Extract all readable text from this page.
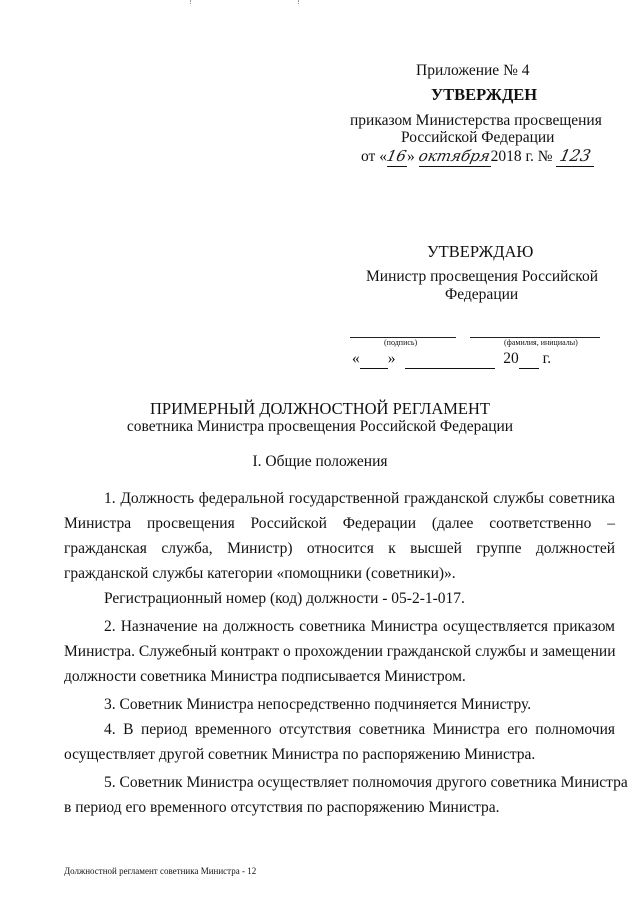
Приложение № 4
УТВЕРЖДЕН
приказом Министерства просвещения
Российской Федерации
от «16» октября2018 г. № 123
УТВЕРЖДАЮ
Министр просвещения Российской
Федерации
(подпись)	(фамилия, инициалы)
« »	20 г.
ПРИМЕРНЫЙ ДОЛЖНОСТНОЙ РЕГЛАМЕНТ
советника Министра просвещения Российской Федерации
I. Общие положения
1. Должность федеральной государственной гражданской службы советника
Министра просвещения Российской Федерации (далее соответственно –
гражданская служба, Министр) относится к высшей группе должностей
гражданской службы категории «помощники (советники)».
Регистрационный номер (код) должности - 05-2-1-017.
2. Назначение на должность советника Министра осуществляется приказом
Министра. Служебный контракт о прохождении гражданской службы и замещении
должности советника Министра подписывается Министром.
3. Советник Министра непосредственно подчиняется Министру.
4. В период временного отсутствия советника Министра его полномочия
осуществляет другой советник Министра по распоряжению Министра.
5. Советник Министра осуществляет полномочия другого советника Министра
в период его временного отсутствия по распоряжению Министра.
Должностной регламент советника Министра - 12
